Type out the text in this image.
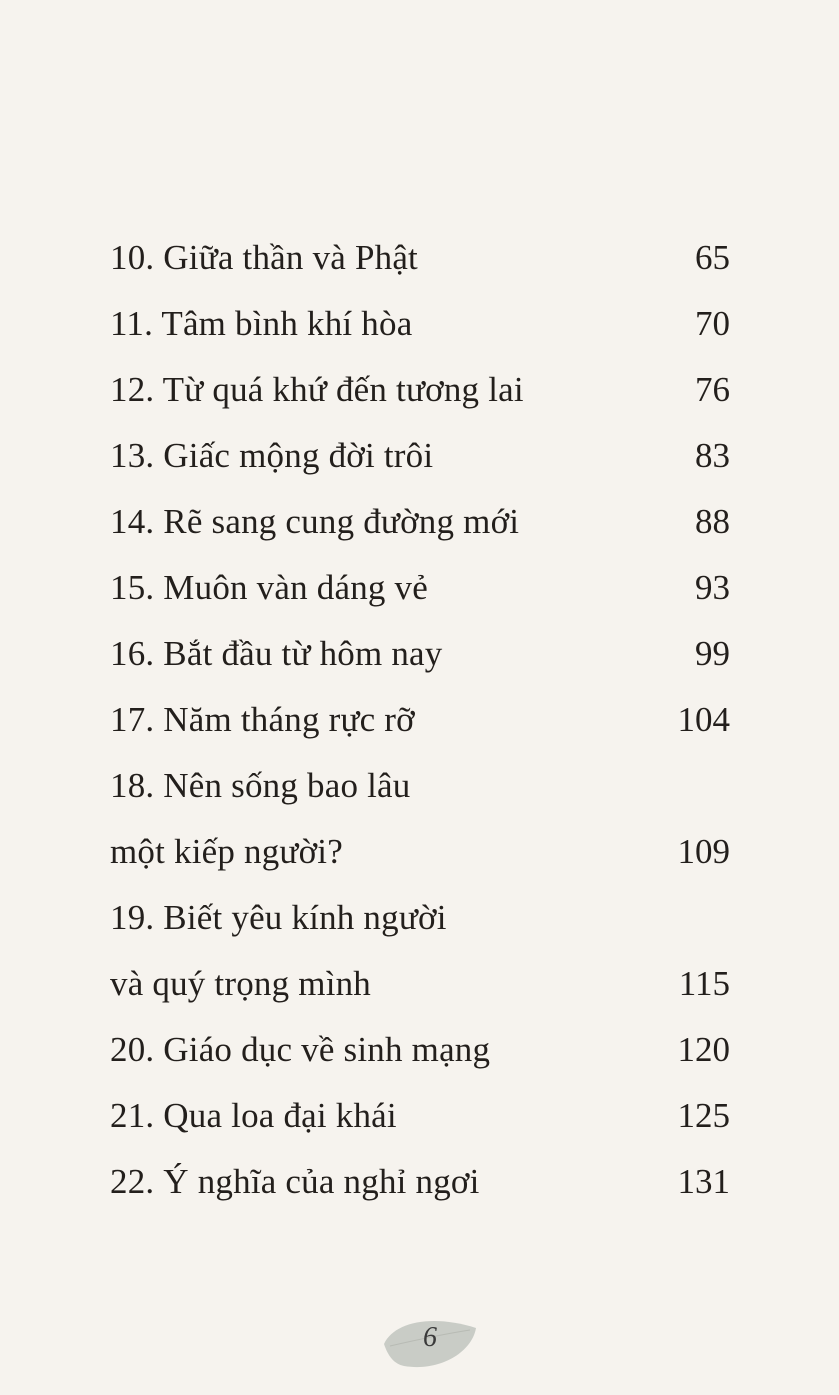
10. Giữa thần và Phật	65
11. Tâm bình khí hòa	70
12. Từ quá khứ đến tương lai	76
13. Giấc mộng đời trôi	83
14. Rẽ sang cung đường mới	88
15. Muôn vàn dáng vẻ	93
16. Bắt đầu từ hôm nay	99
17. Năm tháng rực rỡ	104
18. Nên sống bao lâu
một kiếp người?	109
19. Biết yêu kính người
và quý trọng mình	115
20. Giáo dục về sinh mạng	120
21. Qua loa đại khái	125
22. Ý nghĩa của nghỉ ngơi	131
6
